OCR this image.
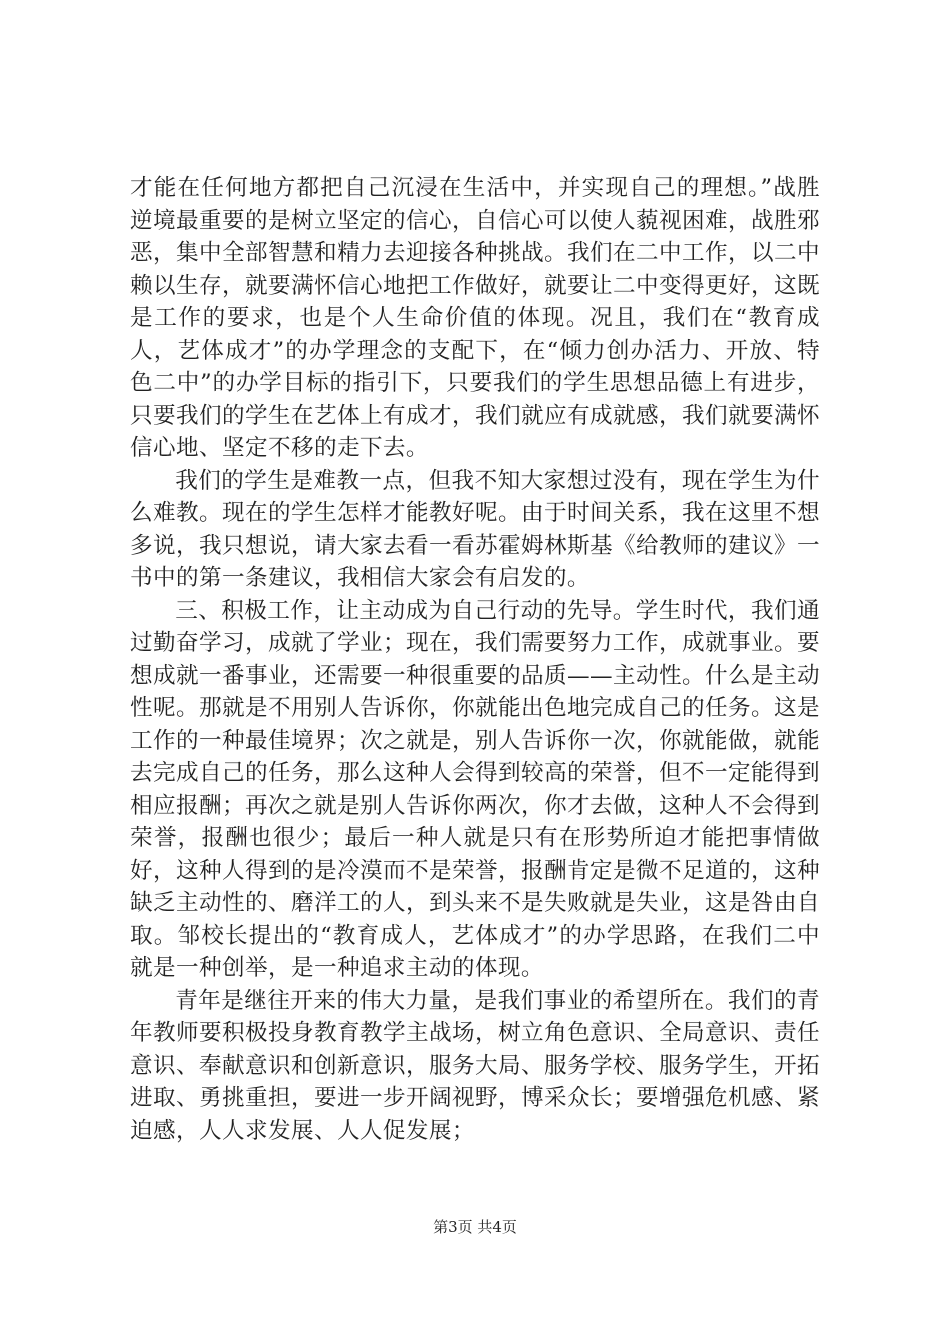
才能在任何地方都把自己沉浸在生活中，并实现自己的理想。”战胜逆境最重要的是树立坚定的信心，自信心可以使人藐视困难，战胜邪恶，集中全部智慧和精力去迎接各种挑战。我们在二中工作，以二中赖以生存，就要满怀信心地把工作做好，就要让二中变得更好，这既是工作的要求，也是个人生命价值的体现。况且，我们在“教育成人，艺体成才”的办学理念的支配下，在“倾力创办活力、开放、特色二中”的办学目标的指引下，只要我们的学生思想品德上有进步，只要我们的学生在艺体上有成才，我们就应有成就感，我们就要满怀信心地、坚定不移的走下去。

我们的学生是难教一点，但我不知大家想过没有，现在学生为什么难教。现在的学生怎样才能教好呢。由于时间关系，我在这里不想多说，我只想说，请大家去看一看苏霍姆林斯基《给教师的建议》一书中的第一条建议，我相信大家会有启发的。

三、积极工作，让主动成为自己行动的先导。学生时代，我们通过勤奋学习，成就了学业；现在，我们需要努力工作，成就事业。要想成就一番事业，还需要一种很重要的品质——主动性。什么是主动性呢。那就是不用别人告诉你，你就能出色地完成自己的任务。这是工作的一种最佳境界；次之就是，别人告诉你一次，你就能做，就能去完成自己的任务，那么这种人会得到较高的荣誉，但不一定能得到相应报酬；再次之就是别人告诉你两次，你才去做，这种人不会得到荣誉，报酬也很少；最后一种人就是只有在形势所迫才能把事情做好，这种人得到的是冷漠而不是荣誉，报酬肯定是微不足道的，这种缺乏主动性的、磨洋工的人，到头来不是失败就是失业，这是咎由自取。邹校长提出的“教育成人，艺体成才”的办学思路，在我们二中就是一种创举，是一种追求主动的体现。

青年是继往开来的伟大力量，是我们事业的希望所在。我们的青年教师要积极投身教育教学主战场，树立角色意识、全局意识、责任意识、奉献意识和创新意识，服务大局、服务学校、服务学生，开拓进取、勇挑重担，要进一步开阔视野，博采众长；要增强危机感、紧迫感，人人求发展、人人促发展；

第3页 共4页
